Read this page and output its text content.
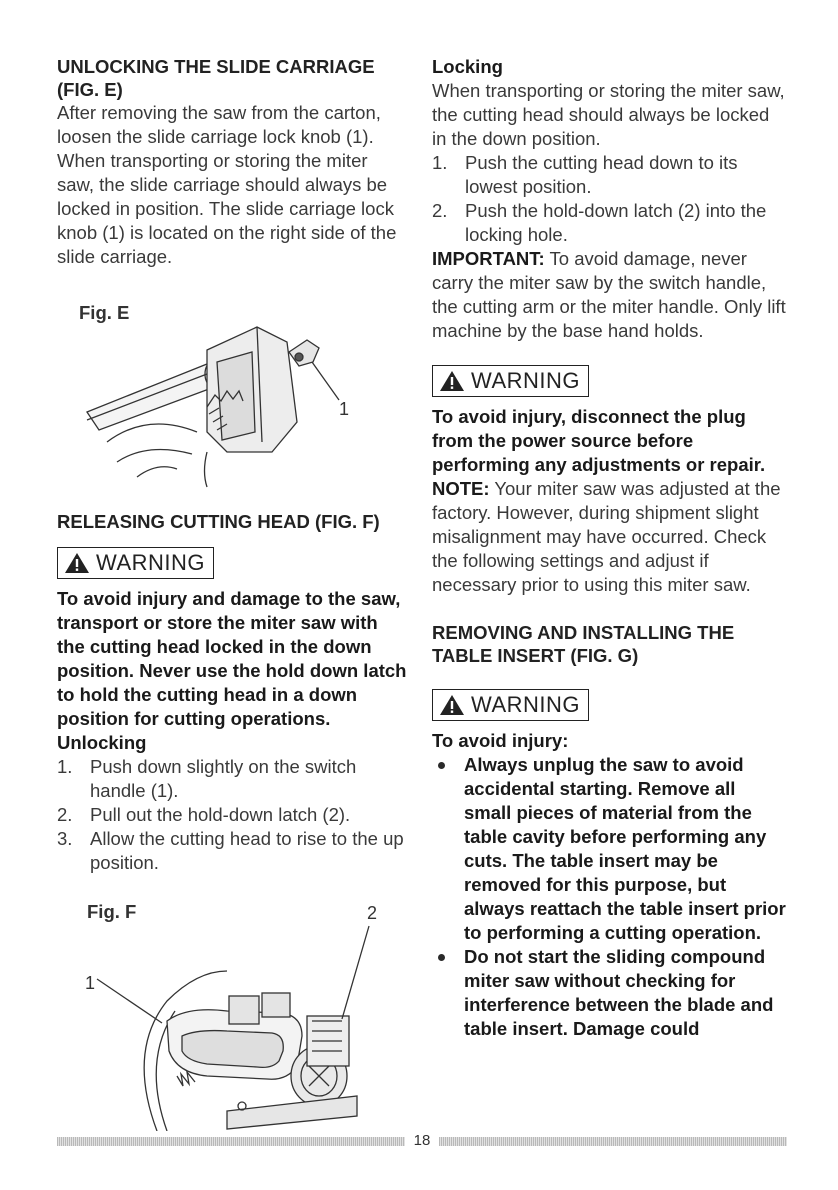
UNLOCKING THE SLIDE CARRIAGE (FIG. E)

After removing the saw from the carton, loosen the slide carriage lock knob (1). When transporting or storing the miter saw, the slide carriage should always be locked in position. The slide carriage lock knob (1) is located on the right side of the slide carriage.

Fig. E
1

RELEASING CUTTING HEAD (FIG. F)

WARNING

To avoid injury and damage to the saw, transport or store the miter saw with the cutting head locked in the down position. Never use the hold down latch to hold the cutting head in a down position for cutting operations.

Unlocking

1. Push down slightly on the switch handle (1).
2. Pull out the hold-down latch (2).
3. Allow the cutting head to rise to the up position.
Fig. F	2
1

Locking

When transporting or storing the miter saw, the cutting head should always be locked in the down position.

1. Push the cutting head down to its lowest position.
2. Push the hold-down latch (2) into the locking hole.

IMPORTANT: To avoid damage, never carry the miter saw by the switch handle, the cutting arm or the miter handle. Only lift machine by the base hand holds.

WARNING

To avoid injury, disconnect the plug from the power source before performing any adjustments or repair.

NOTE: Your miter saw was adjusted at the factory. However, during shipment slight misalignment may have occurred. Check the following settings and adjust if necessary prior to using this miter saw.

REMOVING AND INSTALLING THE TABLE INSERT (FIG. G)

WARNING

To avoid injury:

Always unplug the saw to avoid accidental starting. Remove all small pieces of material from the table cavity before performing any cuts. The table insert may be removed for this purpose, but always reattach the table insert prior to performing a cutting operation.
Do not start the sliding compound miter saw without checking for interference between the blade and table insert. Damage could
18
